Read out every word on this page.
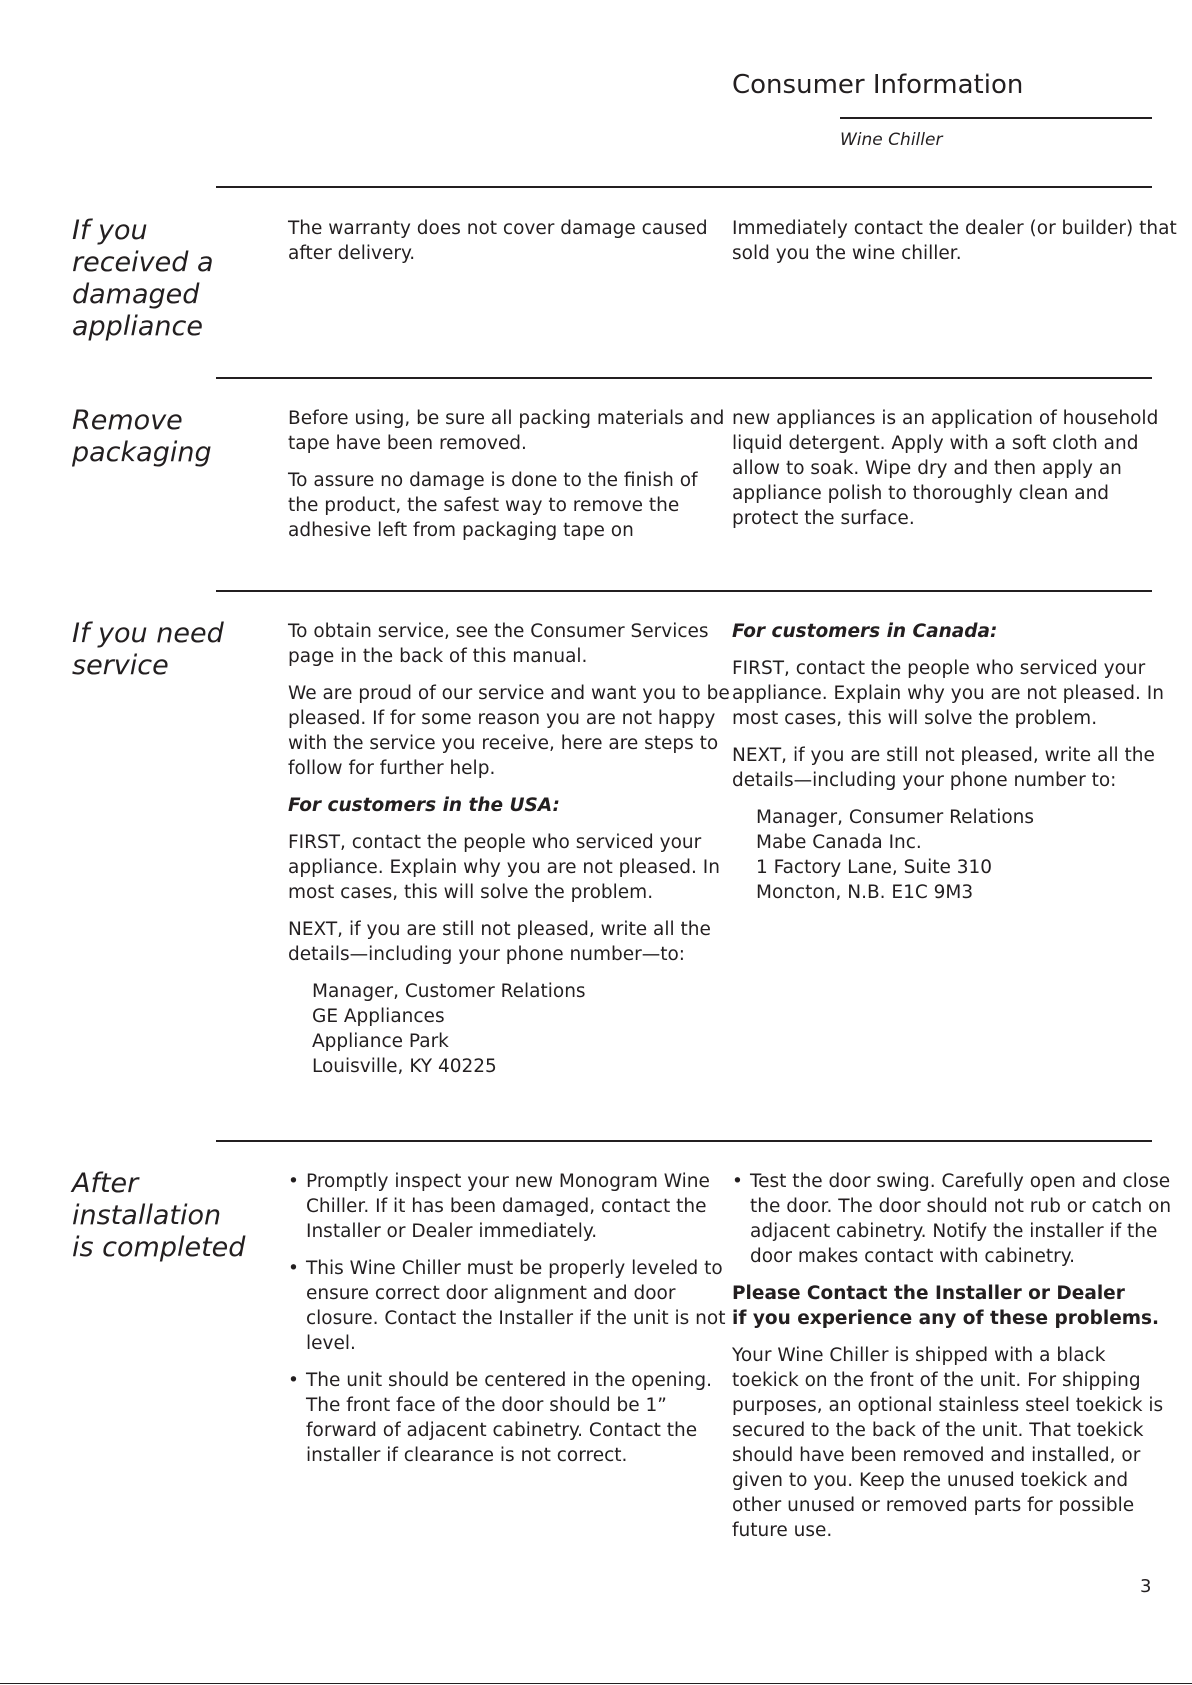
Consumer Information
Wine Chiller
If you
received a
damaged
appliance

The warranty does not cover damage caused after delivery.

Immediately contact the dealer (or builder) that sold you the wine chiller.

Remove
packaging

Before using, be sure all packing materials and tape have been removed.

To assure no damage is done to the finish of the product, the safest way to remove the adhesive left from packaging tape on

new appliances is an application of household liquid detergent. Apply with a soft cloth and allow to soak. Wipe dry and then apply an appliance polish to thoroughly clean and protect the surface.

If you need
service

To obtain service, see the Consumer Services page in the back of this manual.

We are proud of our service and want you to be pleased. If for some reason you are not happy with the service you receive, here are steps to follow for further help.

For customers in the USA:

FIRST, contact the people who serviced your appliance. Explain why you are not pleased. In most cases, this will solve the problem.

NEXT, if you are still not pleased, write all the details—including your phone number—to:

Manager, Customer Relations
GE Appliances
Appliance Park
Louisville, KY 40225

For customers in Canada:

FIRST, contact the people who serviced your appliance. Explain why you are not pleased. In most cases, this will solve the problem.

NEXT, if you are still not pleased, write all the details—including your phone number to:

Manager, Consumer Relations
Mabe Canada Inc.
1 Factory Lane, Suite 310
Moncton, N.B. E1C 9M3
After
installation
is completed
• Promptly inspect your new Monogram Wine Chiller. If it has been damaged, contact the Installer or Dealer immediately.
• This Wine Chiller must be properly leveled to ensure correct door alignment and door closure. Contact the Installer if the unit is not level.
• The unit should be centered in the opening. The front face of the door should be 1” forward of adjacent cabinetry. Contact the installer if clearance is not correct.
• Test the door swing. Carefully open and close the door. The door should not rub or catch on adjacent cabinetry. Notify the installer if the door makes contact with cabinetry.

Please Contact the Installer or Dealer
if you experience any of these problems.

Your Wine Chiller is shipped with a black toekick on the front of the unit. For shipping purposes, an optional stainless steel toekick is secured to the back of the unit. That toekick should have been removed and installed, or given to you. Keep the unused toekick and other unused or removed parts for possible future use.

3
